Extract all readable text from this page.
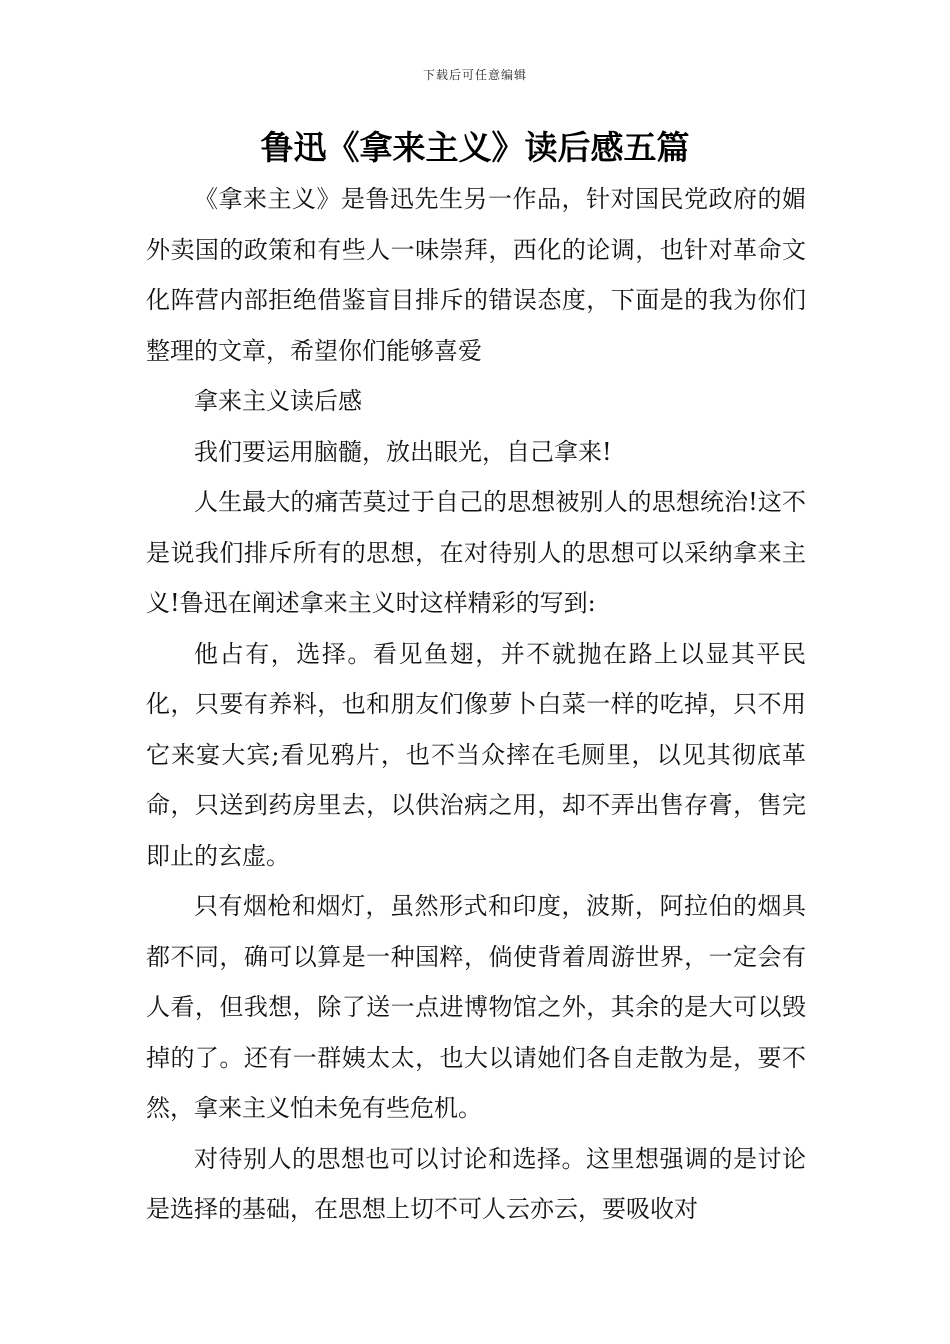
下载后可任意编辑
鲁迅《拿来主义》读后感五篇

《拿来主义》是鲁迅先生另一作品，针对国民党政府的媚外卖国的政策和有些人一味崇拜，西化的论调，也针对革命文化阵营内部拒绝借鉴盲目排斥的错误态度，下面是的我为你们整理的文章，希望你们能够喜爱

拿来主义读后感

我们要运用脑髓，放出眼光，自己拿来!

人生最大的痛苦莫过于自己的思想被别人的思想统治!这不是说我们排斥所有的思想，在对待别人的思想可以采纳拿来主义!鲁迅在阐述拿来主义时这样精彩的写到:

他占有，选择。看见鱼翅，并不就抛在路上以显其平民化，只要有养料，也和朋友们像萝卜白菜一样的吃掉，只不用它来宴大宾;看见鸦片，也不当众摔在毛厕里，以见其彻底革命，只送到药房里去，以供治病之用，却不弄出售存膏，售完即止的玄虚。

只有烟枪和烟灯，虽然形式和印度，波斯，阿拉伯的烟具都不同，确可以算是一种国粹，倘使背着周游世界，一定会有人看，但我想，除了送一点进博物馆之外，其余的是大可以毁掉的了。还有一群姨太太，也大以请她们各自走散为是，要不然，拿来主义怕未免有些危机。

对待别人的思想也可以讨论和选择。这里想强调的是讨论是选择的基础，在思想上切不可人云亦云，要吸收对
